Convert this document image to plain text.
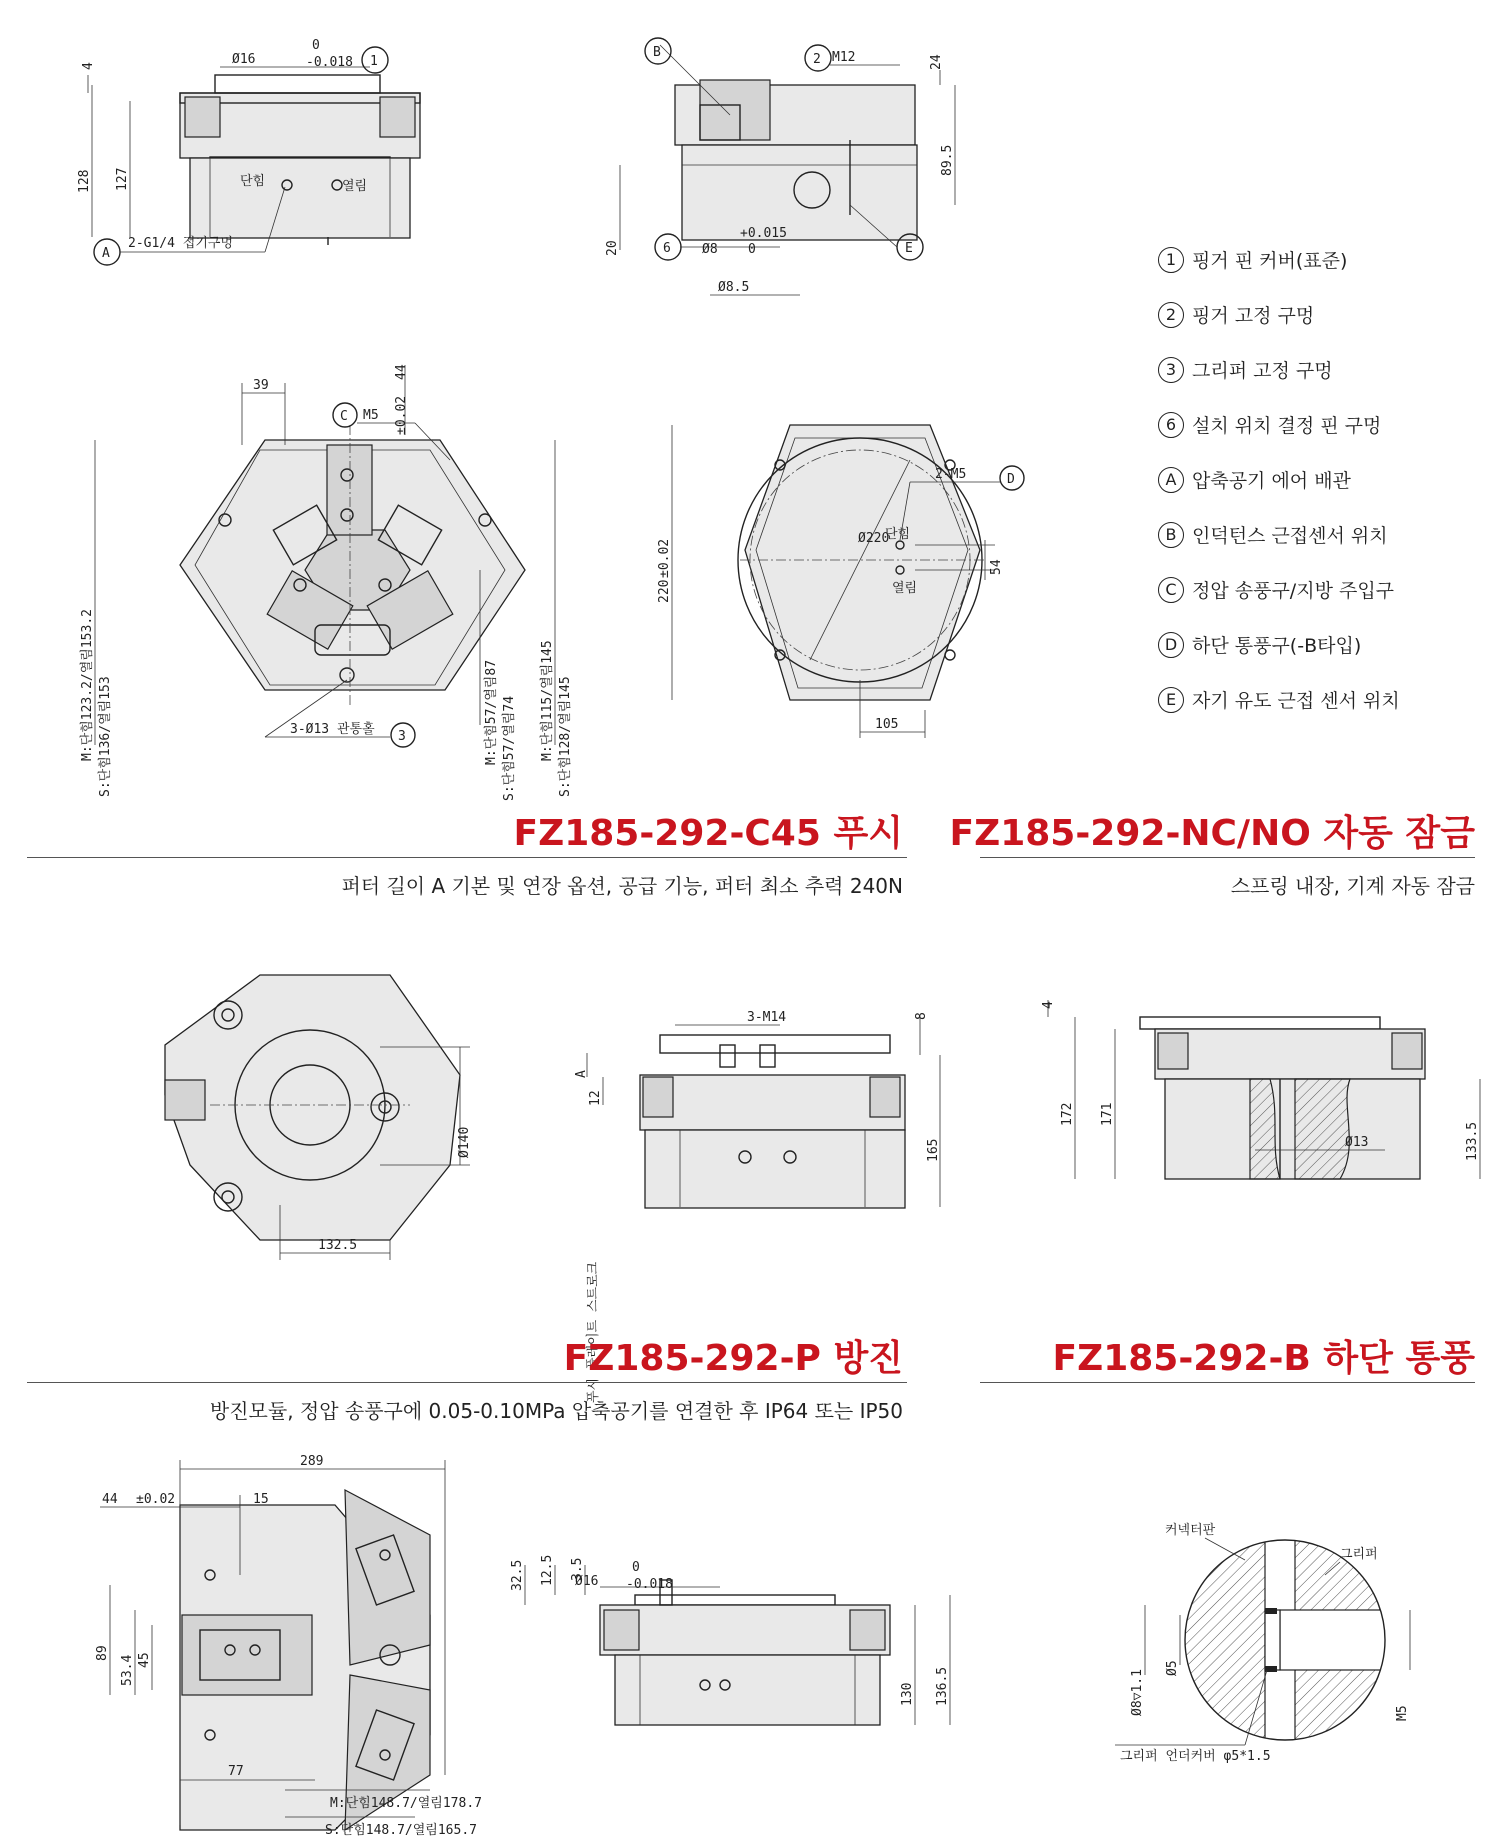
4
128 127
Ø16
0
-0.018 1
단힘	열림
A
2-G1/4 접기구멍
B	2 M12	24
89.5
20	6 Ø8
+0.015
0
Ø8.5
E
1 핑거 핀 커버(표준)
2 핑거 고정 구멍
3 그리퍼 고정 구멍
6 설치 위치 결정 핀 구멍
A 압축공기 에어 배관
B 인덕턴스 근접센서 위치
C 정압 송풍구/지방 주입구
D 하단 통풍구(-B타입)
E 자기 유도 근접 센서 위치
39
C M5
44
±0.02
M:단힘123.2/열림153.2 S:단힘136/열림153	M:단힘115/열림145 S:단힘128/열림145
M:단힘57/열림87 S:단힘57/열림74
3-Ø13 관통홀 3
Ø220
단힘
열림
220
±0.02
2-M5	D
54
105
FZ185-292-C45 푸시
퍼터 길이 A 기본 및 연장 옵션, 공급 기능, 퍼터 최소 추력 240N
FZ185-292-NC/NO 자동 잠금
스프링 내장, 기계 자동 잠금
Ø140
132.5
3-M14	8
165
A
12
푸시 플레이트 스트로크
4
172 171
Ø13	133.5
FZ185-292-P 방진
방진모듈, 정압 송풍구에 0.05-0.10MPa 압축공기를 연결한 후 IP64 또는 IP50
FZ185-292-B 하단 통풍
289
44 ±0.02	15
89
53.4 45
77
M:단힘148.7/열림178.7
S:단힘148.7/열림165.7
Ø16
0
-0.018
32.5 12.5 3.5
130 136.5
커넥터판
그리퍼
Ø8▽1.1
Ø5
M5
그리퍼 언더커버 φ5*1.5
